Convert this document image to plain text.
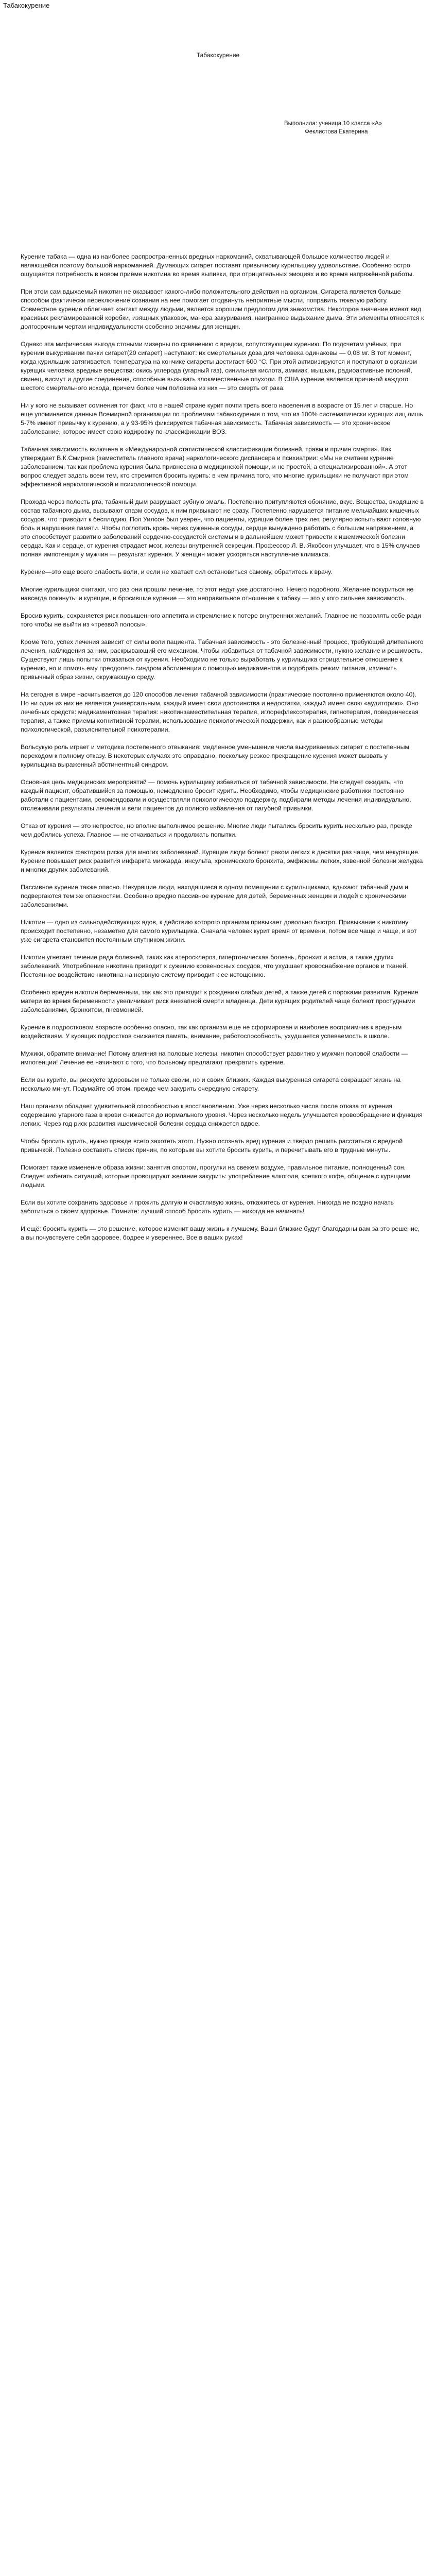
Табакокурение
Табакокурение
Выполнила: ученица 10 класса «А»
Феклистова Екатерина

Курение табака — одна из наиболее распространенных вредных наркоманий, охватывающей большое количество людей и являющейся поэтому большой наркоманией. Думающих сигарет поставят привычному курильщику удовольствие. Особенно остро ощущается потребность в новом приёме никотина во время выпивки, при отрицательных эмоциях и во время напряжённой работы.

При этом сам вдыхаемый никотин не оказывает какого-либо положительного действия на организм. Сигарета является больше способом фактически переключение сознания на нее помогает отодвинуть неприятные мысли, поправить тяжелую работу. Совместное курение облегчает контакт между людьми, является хорошим предлогом для знакомства. Некоторое значение имеют вид красивых рекламированной коробки, изящных упаковок, манера закуривания, наигранное выдыхание дыма. Эти элементы относятся к долгосрочным чертам индивидуальности особенно значимы для женщин.

Однако эта мифическая выгода стоными мизерны по сравнению с вредом, сопутствующим курению. По подсчетам учёных, при курении выкуривании пачки сигарет(20 сигарет) наступают: их смертельных доза для человека одинаковы — 0,08 мг. В тот момент, когда курильщик затягивается, температура на кончике сигареты достигает 600 °С. При этой активизируются и поступают в организм курящих человека вредные вещества: окись углерода (угарный газ), синильная кислота, аммиак, мышьяк, радиоактивные полоний, свинец, висмут и другие соединения, способные вызывать злокачественные опухоли. В США курение является причиной каждого шестого смертельного исхода, причем более чем половина из них — это смерть от рака.

Ни у кого не вызывает сомнения тот факт, что в нашей стране курит почти треть всего населения в возрасте от 15 лет и старше. Но еще упоминается данные Всемирной организации по проблемам табакокурения о том, что из 100% систематически курящих лиц лишь 5-7% имеют привычку к курению, а у 93-95% фиксируется табачная зависимость. Табачная зависимость — это хроническое заболевание, которое имеет свою кодировку по классификации ВОЗ.

Табачная зависимость включена в «Международной статистической классификации болезней, травм и причин смерти». Как утверждает В.К.Смирнов (заместитель главного врача) наркологического диспансера и психиатрии: «Мы не считаем курение заболеванием, так как проблема курения была привнесена в медицинской помощи, и не простой, а специализированной». А этот вопрос следует задать всем тем, кто стремится бросить курить: в чем причина того, что многие курильщики не получают при этом эффективной наркологической и психологической помощи.

Прохода через полость рта, табачный дым разрушает зубную эмаль. Постепенно притупляются обоняние, вкус. Вещества, входящие в состав табачного дыма, вызывают спазм сосудов, к ним привыкают не сразу. Постепенно нарушается питание мельчайших кишечных сосудов, что приводит к бесплодию. Пол Уилсон был уверен, что пациенты, курящие более трех лет, регулярно испытывают головную боль и нарушения памяти. Чтобы поглотить кровь через суженные сосуды, сердце вынуждено работать с большим напряжением, а это способствует развитию заболеваний сердечно-сосудистой системы и в дальнейшем может привести к ишемической болезни сердца. Как и сердце, от курения страдает мозг, железы внутренней секреции. Профессор Л. В. Якобсон улучшает, что в 15% случаев полная импотенция у мужчин — результат курения. У женщин может ускоряться наступление климакса.

Курение—это еще всего слабость воли, и если не хватает сил остановиться самому, обратитесь к врачу.

Многие курильщики считают, что раз они прошли лечение, то этот недуг уже достаточно. Нечего подобного. Желание покуриться не навсегда покинуть: и курящие, и бросившие курение — это неправильное отношение к табаку — это у кого сильнее зависимость.

Бросив курить, сохраняется риск повышенного аппетита и стремление к потере внутренних желаний. Главное не позволять себе ради того чтобы не выйти из «трезвой полосы».

Кроме того, успех лечения зависит от силы воли пациента. Табачная зависимость - это болезненный процесс, требующий длительного лечения, наблюдения за ним, раскрывающий его механизм. Чтобы избавиться от табачной зависимости, нужно желание и решимость. Существуют лишь попытки отказаться от курения. Необходимо не только выработать у курильщика отрицательное отношение к курению, но и помочь ему преодолеть синдром абстиненции с помощью медикаментов и подобрать режим питания, изменить привычный образ жизни, окружающую среду.

На сегодня в мире насчитывается до 120 способов лечения табачной зависимости (практические постоянно применяются около 40). Но ни один из них не является универсальным, каждый имеет свои достоинства и недостатки, каждый имеет свою «аудиторию». Оно лечебных средств: медикаментозная терапия: никотинзаместительная терапия, иглорефлексотерапия, гипнотерапия, поведенческая терапия, а также приемы когнитивной терапии, использование психологической поддержки, как и разнообразные методы психологической, разъяснительной психотерапии.

Вольсукую роль играет и методика постепенного отвыкания: медленное уменьшение числа выкуриваемых сигарет с постепенным переходом к полному отказу. В некоторых случаях это оправдано, поскольку резкое прекращение курения может вызвать у курильщика выраженный абстинентный синдром.

Основная цель медицинских мероприятий — помочь курильщику избавиться от табачной зависимости. Не следует ожидать, что каждый пациент, обратившийся за помощью, немедленно бросит курить. Необходимо, чтобы медицинские работники постоянно работали с пациентами, рекомендовали и осуществляли психологическую поддержку, подбирали методы лечения индивидуально, отслеживали результаты лечения и вели пациентов до полного избавления от пагубной привычки.

Отказ от курения — это непростое, но вполне выполнимое решение. Многие люди пытались бросить курить несколько раз, прежде чем добились успеха. Главное — не отчаиваться и продолжать попытки.

Курение является фактором риска для многих заболеваний. Курящие люди болеют раком легких в десятки раз чаще, чем некурящие. Курение повышает риск развития инфаркта миокарда, инсульта, хронического бронхита, эмфиземы легких, язвенной болезни желудка и многих других заболеваний.

Пассивное курение также опасно. Некурящие люди, находящиеся в одном помещении с курильщиками, вдыхают табачный дым и подвергаются тем же опасностям. Особенно вредно пассивное курение для детей, беременных женщин и людей с хроническими заболеваниями.

Никотин — одно из сильнодействующих ядов, к действию которого организм привыкает довольно быстро. Привыкание к никотину происходит постепенно, незаметно для самого курильщика. Сначала человек курит время от времени, потом все чаще и чаще, и вот уже сигарета становится постоянным спутником жизни.

Никотин угнетает течение ряда болезней, таких как атеросклероз, гипертоническая болезнь, бронхит и астма, а также других заболеваний. Употребление никотина приводит к сужению кровеносных сосудов, что ухудшает кровоснабжение органов и тканей. Постоянное воздействие никотина на нервную систему приводит к ее истощению.

Особенно вреден никотин беременным, так как это приводит к рождению слабых детей, а также детей с пороками развития. Курение матери во время беременности увеличивает риск внезапной смерти младенца. Дети курящих родителей чаще болеют простудными заболеваниями, бронхитом, пневмонией.

Курение в подростковом возрасте особенно опасно, так как организм еще не сформирован и наиболее восприимчив к вредным воздействиям. У курящих подростков снижается память, внимание, работоспособность, ухудшается успеваемость в школе.

Мужики, обратите внимание! Потому влияния на половые железы, никотин способствует развитию у мужчин половой слабости — импотенции! Лечение ее начинают с того, что больному предлагают прекратить курение.

Если вы курите, вы рискуете здоровьем не только своим, но и своих близких. Каждая выкуренная сигарета сокращает жизнь на несколько минут. Подумайте об этом, прежде чем закурить очередную сигарету.

Наш организм обладает удивительной способностью к восстановлению. Уже через несколько часов после отказа от курения содержание угарного газа в крови снижается до нормального уровня. Через несколько недель улучшается кровообращение и функция легких. Через год риск развития ишемической болезни сердца снижается вдвое.

Чтобы бросить курить, нужно прежде всего захотеть этого. Нужно осознать вред курения и твердо решить расстаться с вредной привычкой. Полезно составить список причин, по которым вы хотите бросить курить, и перечитывать его в трудные минуты.

Помогает также изменение образа жизни: занятия спортом, прогулки на свежем воздухе, правильное питание, полноценный сон. Следует избегать ситуаций, которые провоцируют желание закурить: употребление алкоголя, крепкого кофе, общение с курящими людьми.

Если вы хотите сохранить здоровье и прожить долгую и счастливую жизнь, откажитесь от курения. Никогда не поздно начать заботиться о своем здоровье. Помните: лучший способ бросить курить — никогда не начинать!

И ещё: бросить курить — это решение, которое изменит вашу жизнь к лучшему. Ваши близкие будут благодарны вам за это решение, а вы почувствуете себя здоровее, бодрее и увереннее. Все в ваших руках!
